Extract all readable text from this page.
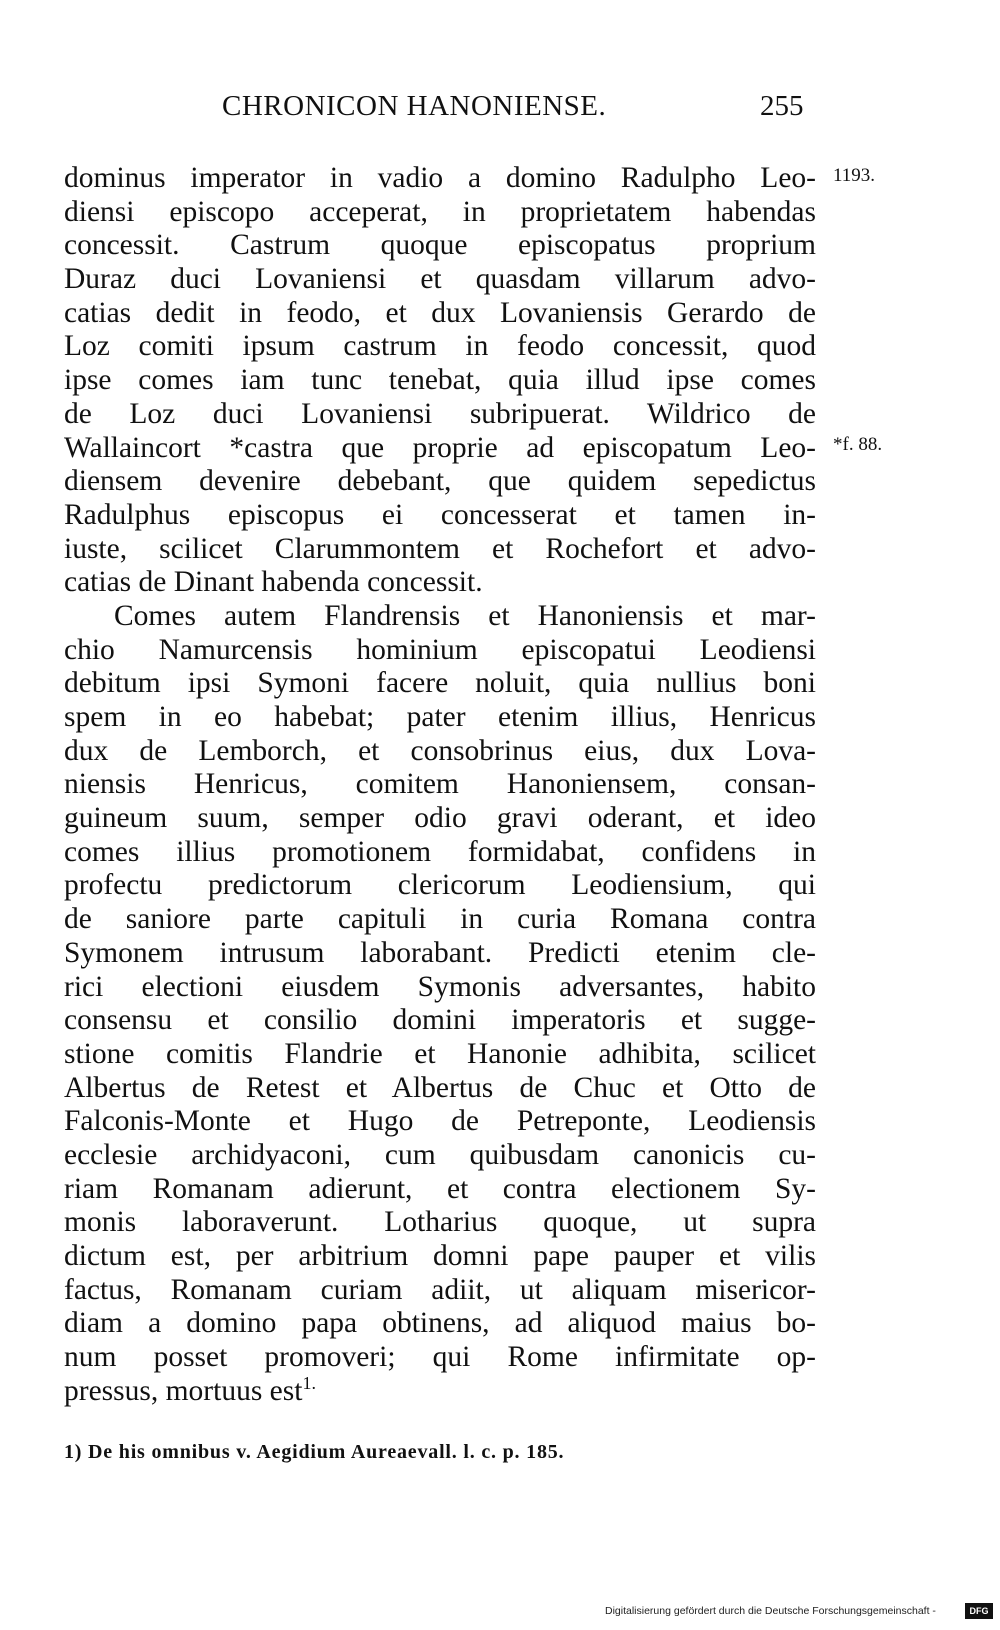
CHRONICON HANONIENSE.	255
1193.
*f. 88.
dominus imperator in vadio a domino Radulpho Leo-
diensi episcopo acceperat, in proprietatem habendas
concessit. Castrum quoque episcopatus proprium
Duraz duci Lovaniensi et quasdam villarum advo-
catias dedit in feodo, et dux Lovaniensis Gerardo de
Loz comiti ipsum castrum in feodo concessit, quod
ipse comes iam tunc tenebat, quia illud ipse comes
de Loz duci Lovaniensi subripuerat. Wildrico de
Wallaincort *castra que proprie ad episcopatum Leo-
diensem devenire debebant, que quidem sepedictus
Radulphus episcopus ei concesserat et tamen in-
iuste, scilicet Clarummontem et Rochefort et advo-
catias de Dinant habenda concessit.
Comes autem Flandrensis et Hanoniensis et mar-
chio Namurcensis hominium episcopatui Leodiensi
debitum ipsi Symoni facere noluit, quia nullius boni
spem in eo habebat; pater etenim illius, Henricus
dux de Lemborch, et consobrinus eius, dux Lova-
niensis Henricus, comitem Hanoniensem, consan-
guineum suum, semper odio gravi oderant, et ideo
comes illius promotionem formidabat, confidens in
profectu predictorum clericorum Leodiensium, qui
de saniore parte capituli in curia Romana contra
Symonem intrusum laborabant. Predicti etenim cle-
rici electioni eiusdem Symonis adversantes, habito
consensu et consilio domini imperatoris et sugge-
stione comitis Flandrie et Hanonie adhibita, scilicet
Albertus de Retest et Albertus de Chuc et Otto de
Falconis-Monte et Hugo de Petreponte, Leodiensis
ecclesie archidyaconi, cum quibusdam canonicis cu-
riam Romanam adierunt, et contra electionem Sy-
monis laboraverunt. Lotharius quoque, ut supra
dictum est, per arbitrium domni pape pauper et vilis
factus, Romanam curiam adiit, ut aliquam misericor-
diam a domino papa obtinens, ad aliquod maius bo-
num posset promoveri; qui Rome infirmitate op-
pressus, mortuus est$^{1.}$
1) De his omnibus v. Aegidium Aureaevall. l. c. p. 185.
Digitalisierung gefördert durch die Deutsche Forschungsgemeinschaft -	DFG
